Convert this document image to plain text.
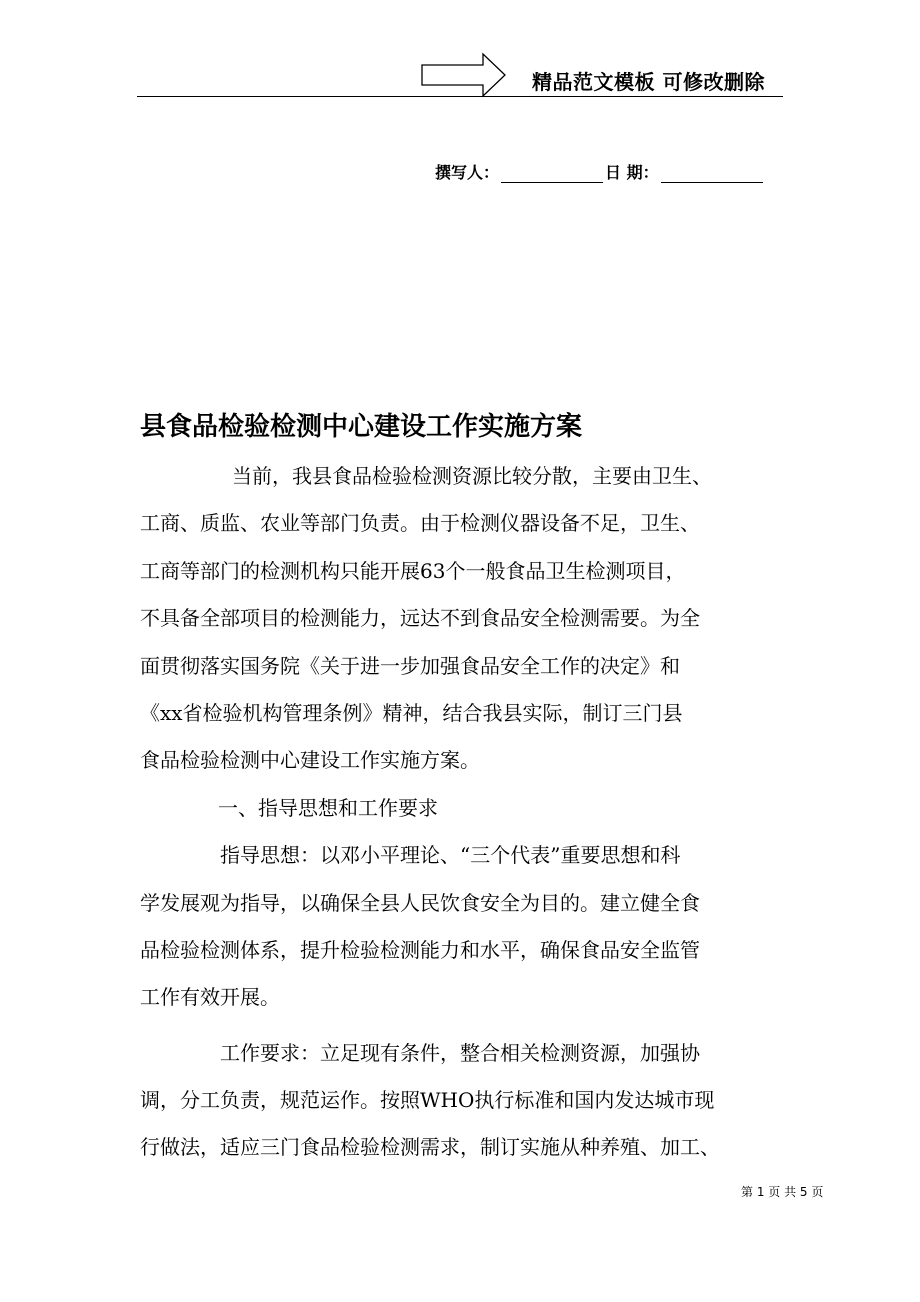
精品范文模板 可修改删除
撰写人：	日 期：
县食品检验检测中心建设工作实施方案
当前，我县食品检验检测资源比较分散，主要由卫生、
工商、质监、农业等部门负责。由于检测仪器设备不足，卫生、
工商等部门的检测机构只能开展63个一般食品卫生检测项目，
不具备全部项目的检测能力，远达不到食品安全检测需要。为全
面贯彻落实国务院《关于进一步加强食品安全工作的决定》和
《xx省检验机构管理条例》精神，结合我县实际，制订三门县
食品检验检测中心建设工作实施方案。
一、指导思想和工作要求
指导思想：以邓小平理论、“三个代表”重要思想和科
学发展观为指导，以确保全县人民饮食安全为目的。建立健全食
品检验检测体系，提升检验检测能力和水平，确保食品安全监管
工作有效开展。
工作要求：立足现有条件，整合相关检测资源，加强协
调，分工负责，规范运作。按照WHO执行标准和国内发达城市现
行做法，适应三门食品检验检测需求，制订实施从种养殖、加工、
第 1 页 共 5 页
